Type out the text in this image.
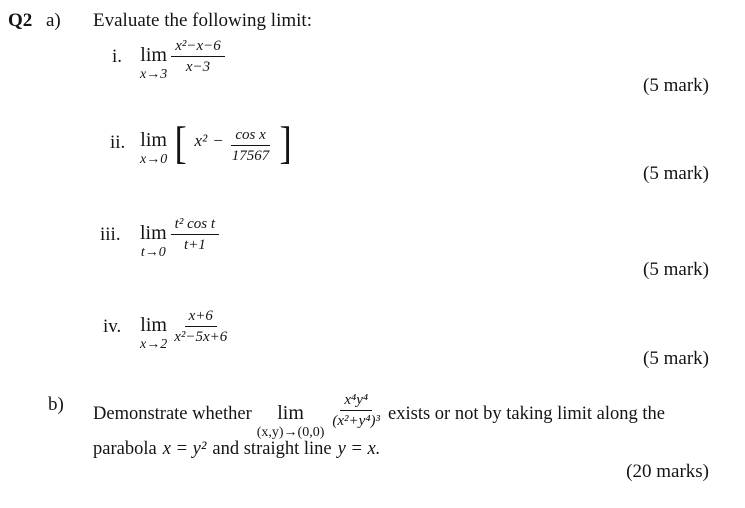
Q2 a) Evaluate the following limit:
i. lim
$x\to 3 \frac{\text{x²−x−6}}{x-3}$
(5 mark)
ii. lim
x→0 [ $x^2 - \frac{\text{cos x}}{17567}$ ]
(5 mark)
iii. lim
$t\to 0 \frac{\text{t² cos t}}{t+1}$
(5 mark)
iv. lim
$x\to 2 \frac{x+6}{\text{x²−5x+6}}$
(5 mark)
b) Demonstrate whether lim
(x,y)→(0,0)
$\frac{\text{x⁴y⁴}}{\text{(x²+y⁴)³}}$ exists or not by taking limit along the
parabola x = y² and straight line y = x.
(20 marks)
